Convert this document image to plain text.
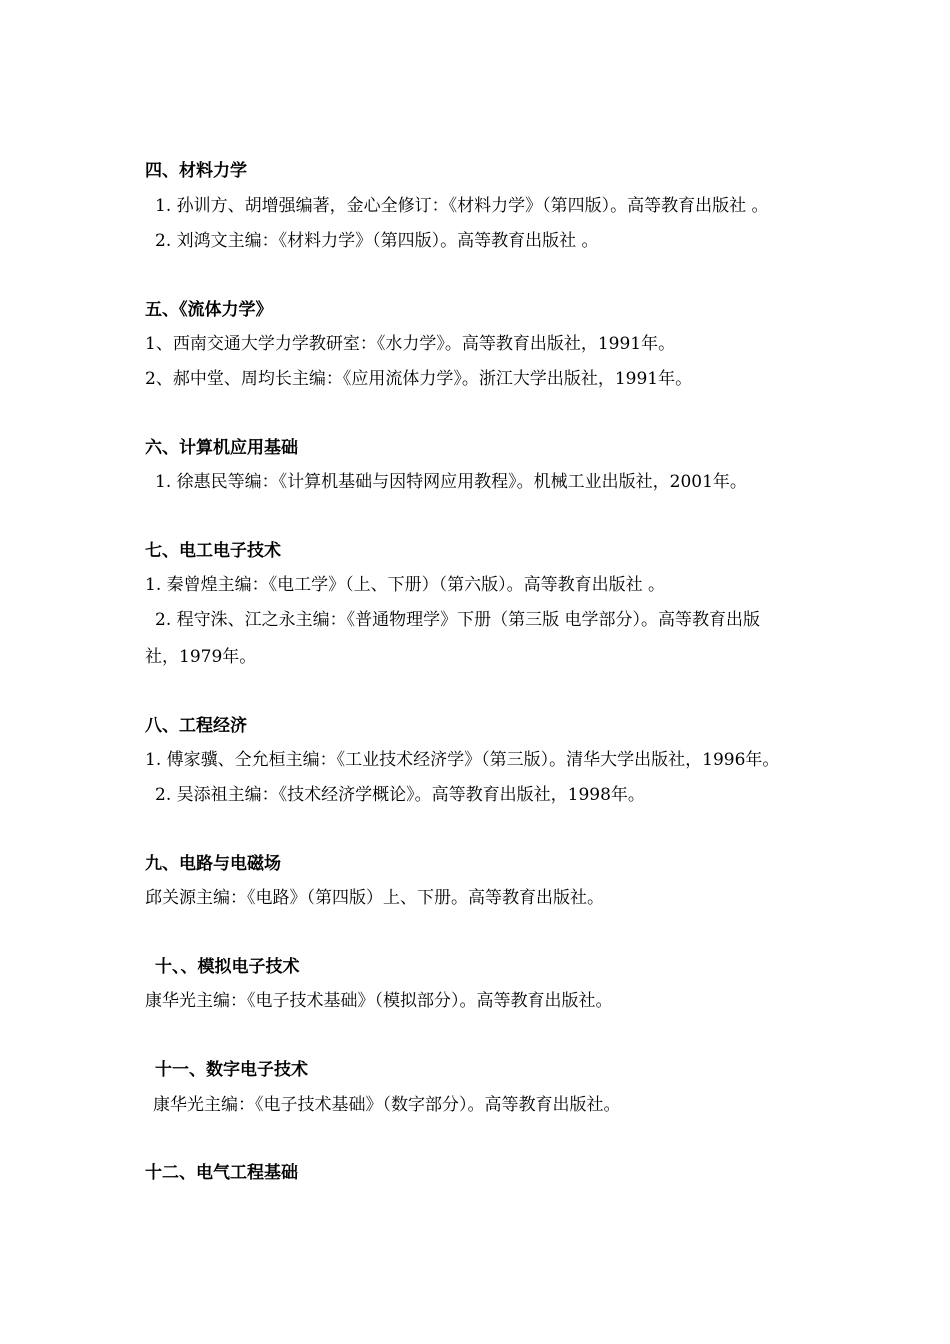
四、材料力学
1. 孙训方、胡增强编著，金心全修订：《材料力学》（第四版）。高等教育出版社 。
2. 刘鸿文主编：《材料力学》（第四版）。高等教育出版社 。
五、《流体力学》
1、西南交通大学力学教研室：《水力学》。高等教育出版社，1991年。
2、郝中堂、周均长主编：《应用流体力学》。浙江大学出版社，1991年。
六、计算机应用基础
1. 徐惠民等编：《计算机基础与因特网应用教程》。机械工业出版社，2001年。
七、电工电子技术
1. 秦曾煌主编：《电工学》（上、下册）（第六版）。高等教育出版社 。
2. 程守洙、江之永主编：《普通物理学》下册（第三版 电学部分）。高等教育出版
社，1979年。
八、工程经济
1. 傅家骥、仝允桓主编：《工业技术经济学》（第三版）。清华大学出版社，1996年。
2. 吴添祖主编：《技术经济学概论》。高等教育出版社，1998年。
九、电路与电磁场
邱关源主编：《电路》（第四版）上、下册。高等教育出版社。
十、、模拟电子技术
康华光主编：《电子技术基础》（模拟部分）。高等教育出版社。
十一、数字电子技术
康华光主编：《电子技术基础》（数字部分）。高等教育出版社。
十二、电气工程基础
